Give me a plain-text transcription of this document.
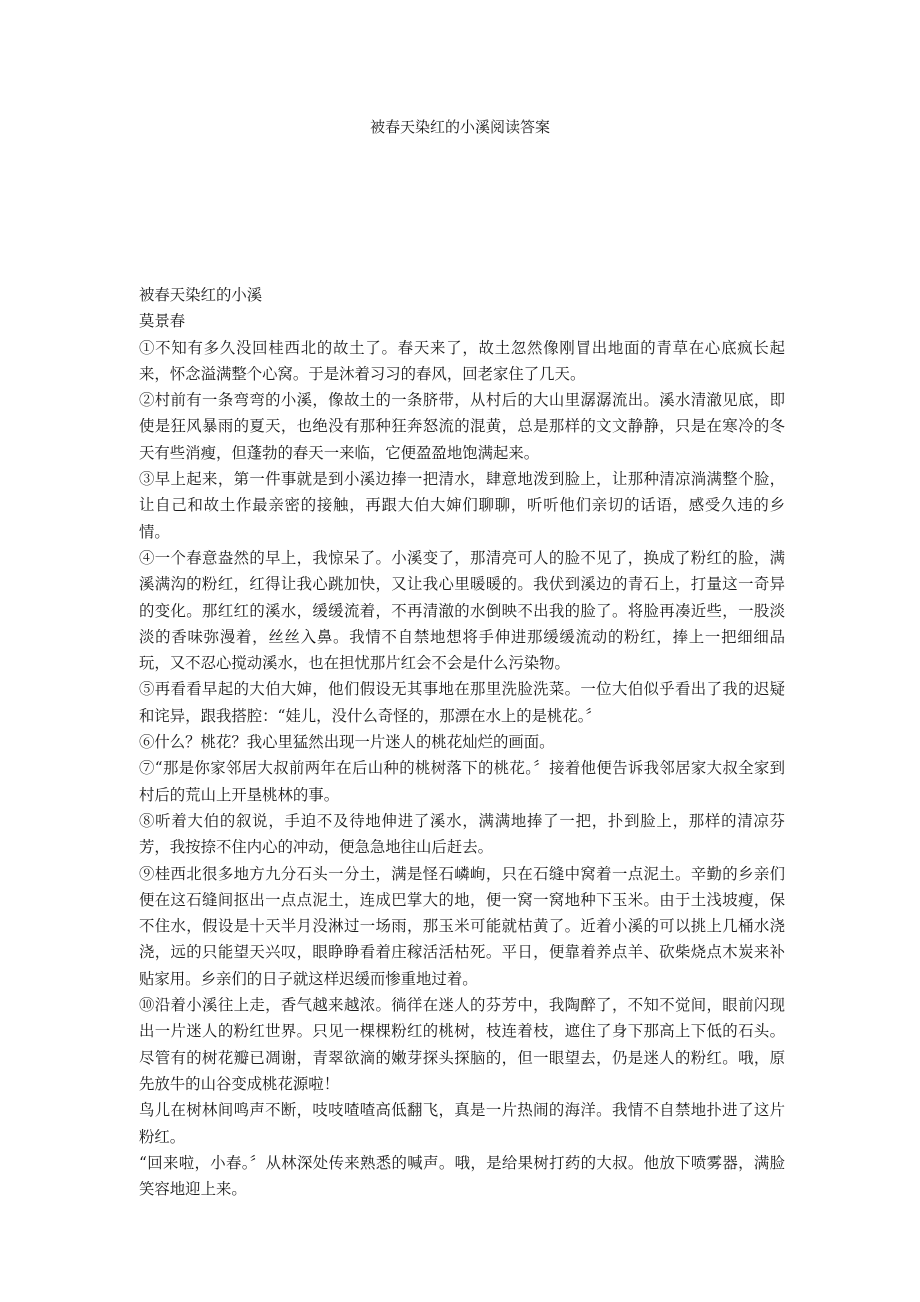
被春天染红的小溪阅读答案

被春天染红的小溪

莫景春

①不知有多久没回桂西北的故土了。春天来了，故土忽然像刚冒出地面的青草在心底疯长起来，怀念溢满整个心窝。于是沐着习习的春风，回老家住了几天。

②村前有一条弯弯的小溪，像故土的一条脐带，从村后的大山里潺潺流出。溪水清澈见底，即使是狂风暴雨的夏天，也绝没有那种狂奔怒流的混黄，总是那样的文文静静，只是在寒冷的冬天有些消瘦，但蓬勃的春天一来临，它便盈盈地饱满起来。

③早上起来，第一件事就是到小溪边捧一把清水，肆意地泼到脸上，让那种清凉淌满整个脸，让自己和故土作最亲密的接触，再跟大伯大婶们聊聊，听听他们亲切的话语，感受久违的乡情。

④一个春意盎然的早上，我惊呆了。小溪变了，那清亮可人的脸不见了，换成了粉红的脸，满溪满沟的粉红，红得让我心跳加快，又让我心里暖暖的。我伏到溪边的青石上，打量这一奇异的变化。那红红的溪水，缓缓流着，不再清澈的水倒映不出我的脸了。将脸再凑近些，一股淡淡的香味弥漫着，丝丝入鼻。我情不自禁地想将手伸进那缓缓流动的粉红，捧上一把细细品玩，又不忍心搅动溪水，也在担忧那片红会不会是什么污染物。

⑤再看看早起的大伯大婶，他们假设无其事地在那里洗脸洗菜。一位大伯似乎看出了我的迟疑和诧异，跟我搭腔：“娃儿，没什么奇怪的，那漂在水上的是桃花。〞

⑥什么？桃花？我心里猛然出现一片迷人的桃花灿烂的画面。

⑦“那是你家邻居大叔前两年在后山种的桃树落下的桃花。〞接着他便告诉我邻居家大叔全家到村后的荒山上开垦桃林的事。

⑧听着大伯的叙说，手迫不及待地伸进了溪水，满满地捧了一把，扑到脸上，那样的清凉芬芳，我按捺不住内心的冲动，便急急地往山后赶去。

⑨桂西北很多地方九分石头一分土，满是怪石嶙峋，只在石缝中窝着一点泥土。辛勤的乡亲们便在这石缝间抠出一点点泥土，连成巴掌大的地，便一窝一窝地种下玉米。由于土浅坡瘦，保不住水，假设是十天半月没淋过一场雨，那玉米可能就枯黄了。近着小溪的可以挑上几桶水浇浇，远的只能望天兴叹，眼睁睁看着庄稼活活枯死。平日，便靠着养点羊、砍柴烧点木炭来补贴家用。乡亲们的日子就这样迟缓而惨重地过着。

⑩沿着小溪往上走，香气越来越浓。徜徉在迷人的芬芳中，我陶醉了，不知不觉间，眼前闪现出一片迷人的粉红世界。只见一棵棵粉红的桃树，枝连着枝，遮住了身下那高上下低的石头。尽管有的树花瓣已凋谢，青翠欲滴的嫩芽探头探脑的，但一眼望去，仍是迷人的粉红。哦，原先放牛的山谷变成桃花源啦！

鸟儿在树林间鸣声不断，吱吱喳喳高低翻飞，真是一片热闹的海洋。我情不自禁地扑进了这片粉红。

“回来啦，小春。〞从林深处传来熟悉的喊声。哦，是给果树打药的大叔。他放下喷雾器，满脸笑容地迎上来。
